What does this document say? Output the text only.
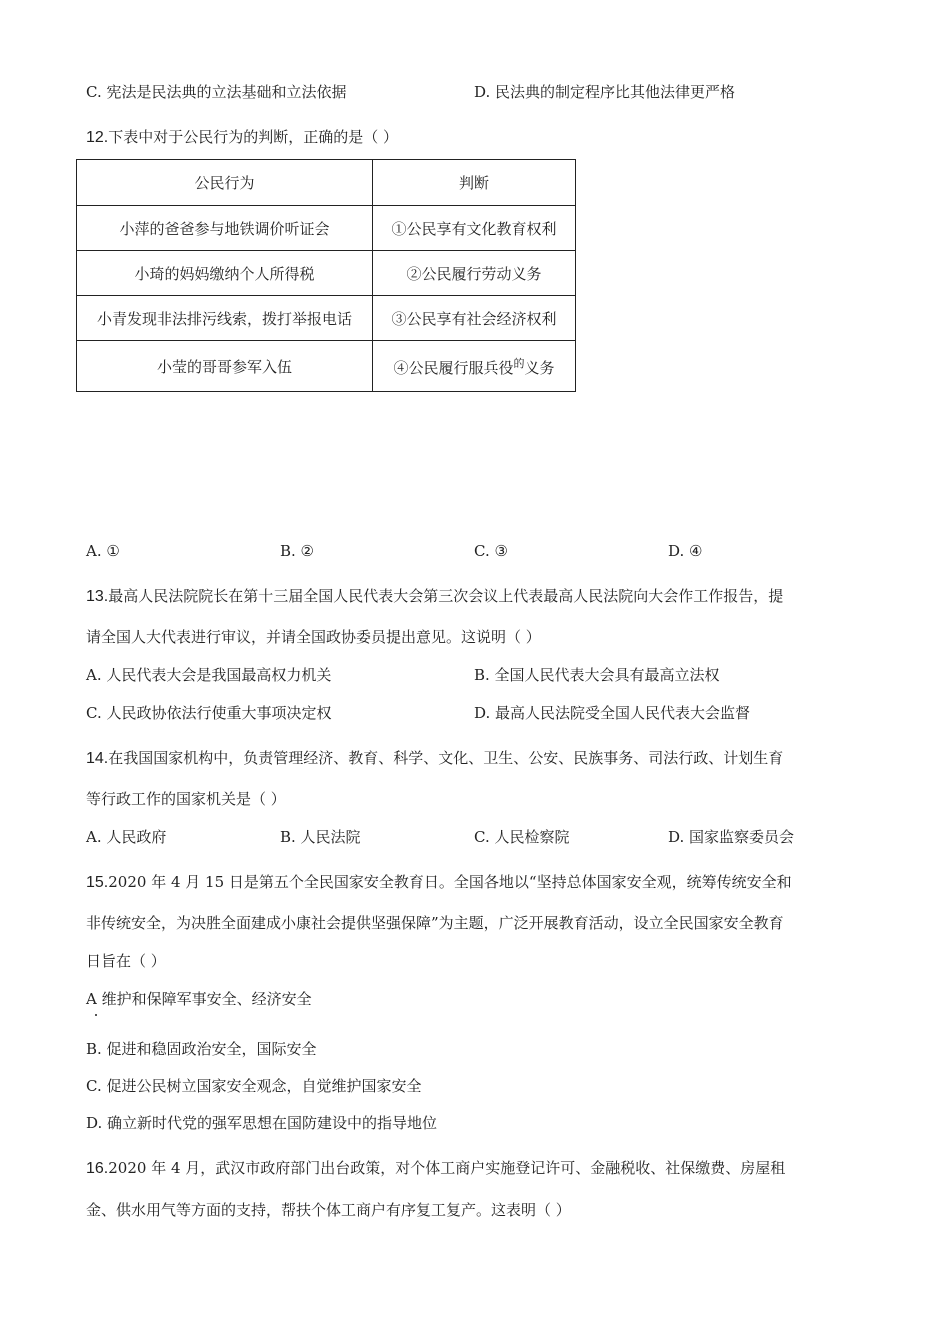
C. 宪法是民法典的立法基础和立法依据	D. 民法典的制定程序比其他法律更严格
12.下表中对于公民行为的判断，正确的是（ ）
公民行为	判断
小萍的爸爸参与地铁调价听证会	①公民享有文化教育权利
小琦的妈妈缴纳个人所得税	②公民履行劳动义务
小青发现非法排污线索，拨打举报电话	③公民享有社会经济权利
小莹的哥哥参军入伍	④公民履行服兵役$^的$义务
A. ①	B. ②	C. ③	D. ④
13.最高人民法院院长在第十三届全国人民代表大会第三次会议上代表最高人民法院向大会作工作报告，提
请全国人大代表进行审议，并请全国政协委员提出意见。这说明（ ）
A. 人民代表大会是我国最高权力机关	B. 全国人民代表大会具有最高立法权
C. 人民政协依法行使重大事项决定权	D. 最高人民法院受全国人民代表大会监督
14.在我国国家机构中，负责管理经济、教育、科学、文化、卫生、公安、民族事务、司法行政、计划生育
等行政工作的国家机关是（ ）
A. 人民政府	B. 人民法院	C. 人民检察院	D. 国家监察委员会
15.2020 年 4 月 15 日是第五个全民国家安全教育日。全国各地以“坚持总体国家安全观，统筹传统安全和
非传统安全，为决胜全面建成小康社会提供坚强保障”为主题，广泛开展教育活动，设立全民国家安全教育
日旨在（ ）
A 维护和保障军事安全、经济安全
B. 促进和稳固政治安全，国际安全
C. 促进公民树立国家安全观念，自觉维护国家安全
D. 确立新时代党的强军思想在国防建设中的指导地位
16.2020 年 4 月，武汉市政府部门出台政策，对个体工商户实施登记许可、金融税收、社保缴费、房屋租
金、供水用气等方面的支持，帮扶个体工商户有序复工复产。这表明（ ）
